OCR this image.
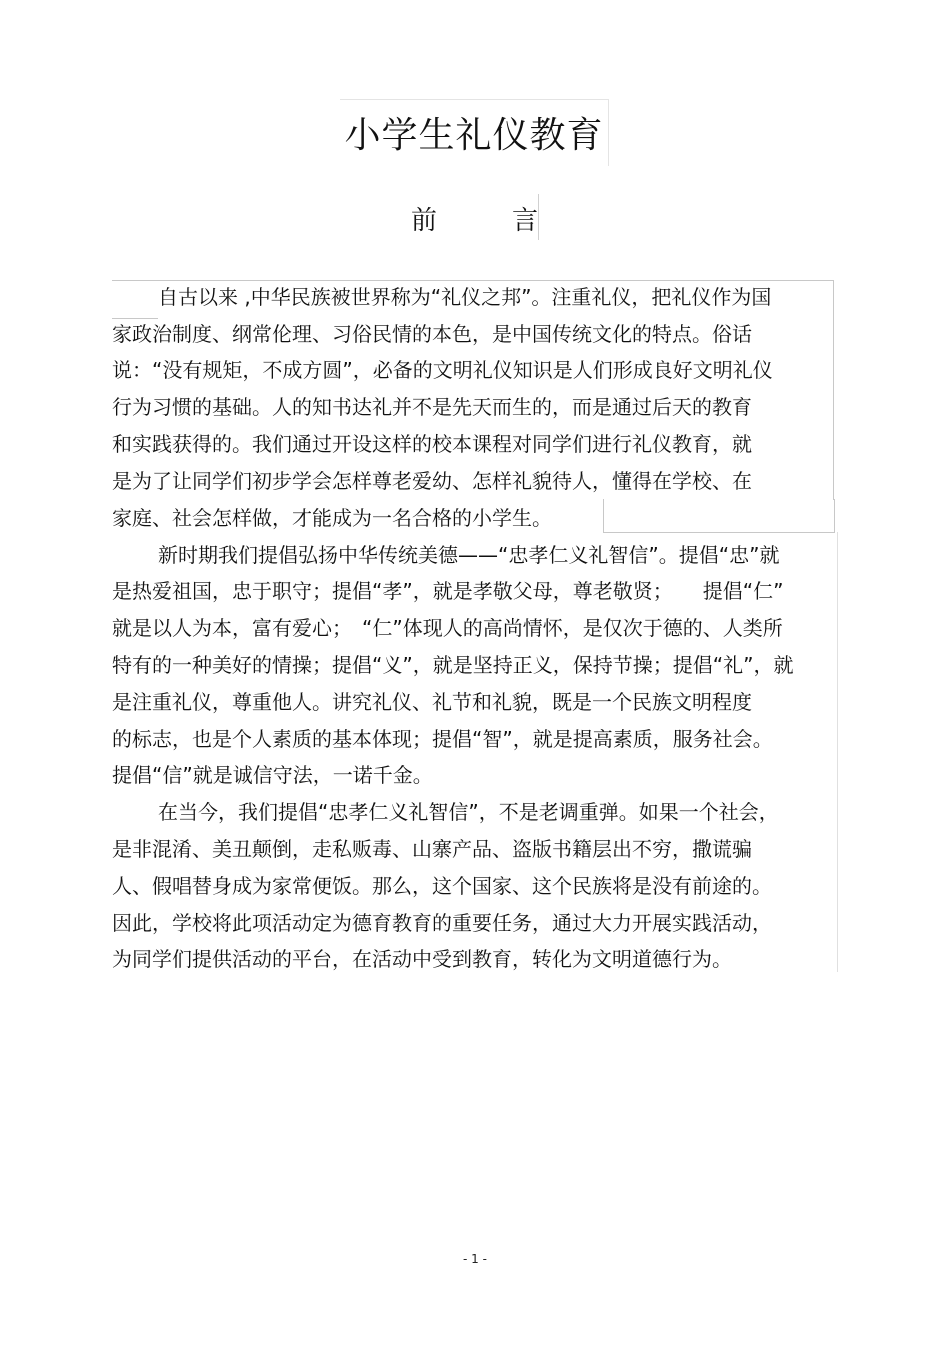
小学生礼仪教育
前	言
自古以来 ,中华民族被世界称为“礼仪之邦”。注重礼仪，把礼仪作为国
家政治制度、纲常伦理、习俗民情的本色，是中国传统文化的特点。俗话
说：“没有规矩，不成方圆”，必备的文明礼仪知识是人们形成良好文明礼仪
行为习惯的基础。人的知书达礼并不是先天而生的，而是通过后天的教育
和实践获得的。我们通过开设这样的校本课程对同学们进行礼仪教育，就
是为了让同学们初步学会怎样尊老爱幼、怎样礼貌待人，懂得在学校、在
家庭、社会怎样做，才能成为一名合格的小学生。
新时期我们提倡弘扬中华传统美德——“忠孝仁义礼智信”。提倡“忠”就
是热爱祖国，忠于职守；提倡“孝”，就是孝敬父母，尊老敬贤；　　提倡“仁”
就是以人为本，富有爱心；　“仁”体现人的高尚情怀，是仅次于德的、人类所
特有的一种美好的情操；提倡“义”，就是坚持正义，保持节操；提倡“礼”，就
是注重礼仪，尊重他人。讲究礼仪、礼节和礼貌，既是一个民族文明程度
的标志，也是个人素质的基本体现；提倡“智”，就是提高素质，服务社会。
提倡“信”就是诚信守法，一诺千金。
在当今，我们提倡“忠孝仁义礼智信”，不是老调重弹。如果一个社会，
是非混淆、美丑颠倒，走私贩毒、山寨产品、盗版书籍层出不穷，撒谎骗
人、假唱替身成为家常便饭。那么，这个国家、这个民族将是没有前途的。
因此，学校将此项活动定为德育教育的重要任务，通过大力开展实践活动，
为同学们提供活动的平台，在活动中受到教育，转化为文明道德行为。
- 1 -
